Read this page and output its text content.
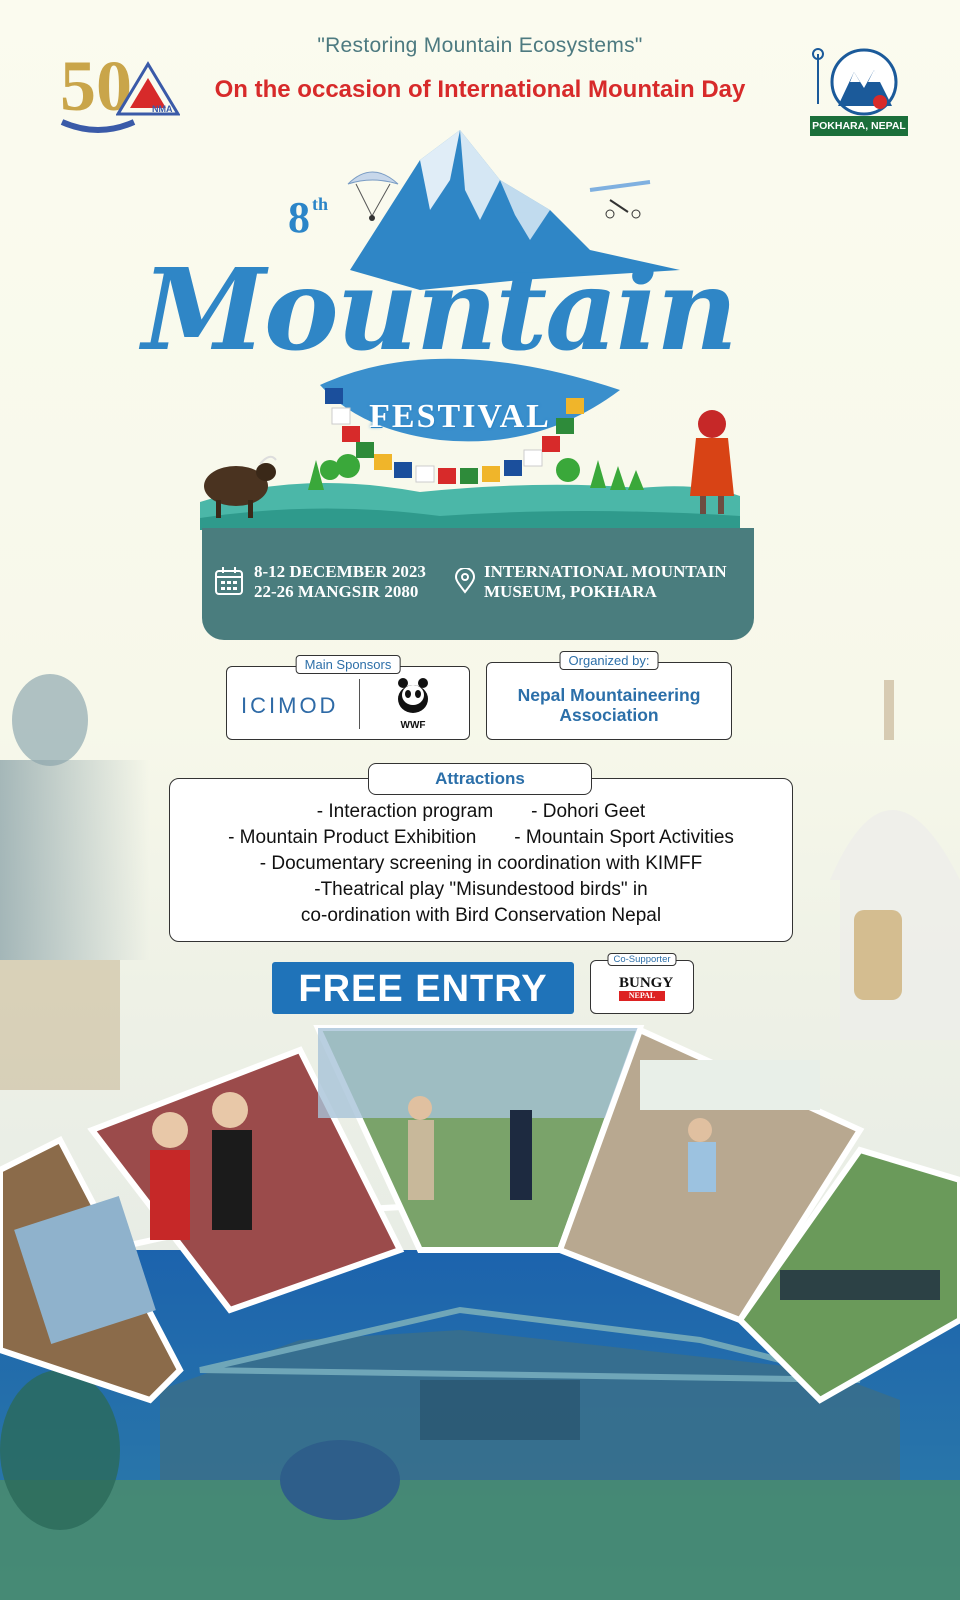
50 NMA
"Restoring Mountain Ecosystems"
On the occasion of International Mountain Day
POKHARA, NEPAL
8 $^{th}$
Mountain
FESTIVAL
8-12 DECEMBER 2023
22-26 MANGSIR 2080
INTERNATIONAL MOUNTAIN
MUSEUM, POKHARA
Main Sponsors
ICIMOD
WWF
Organized by:
Nepal Mountaineering
Association
Attractions
- Interaction program - Dohori Geet
- Mountain Product Exhibition - Mountain Sport Activities
- Documentary screening in coordination with KIMFF
-Theatrical play "Misundestood birds" in
co-ordination with Bird Conservation Nepal
FREE ENTRY
Co-Supporter
BUNGY
NEPAL
